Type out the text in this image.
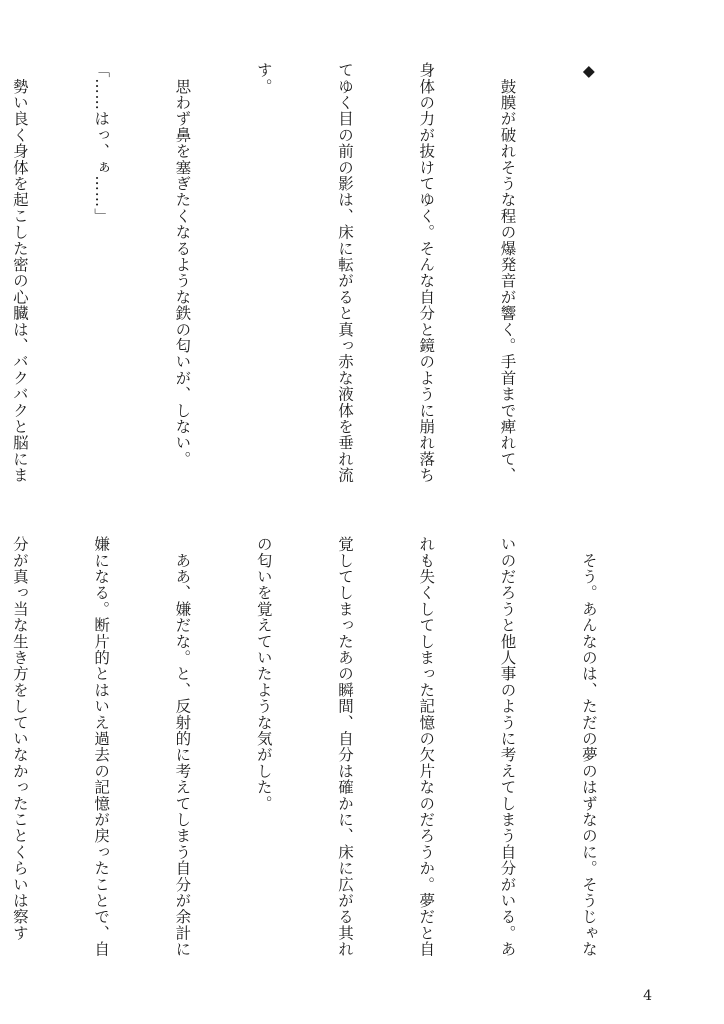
◆

　鼓膜が破れそうな程の爆発音が響く。手首まで痺れて、

身体の力が抜けてゆく。そんな自分と鏡のように崩れ落ち

てゆく目の前の影は、床に転がると真っ赤な液体を垂れ流

す。

　思わず鼻を塞ぎたくなるような鉄の匂いが、しない。

「……はっ、ぁ……」

　勢い良く身体を起こした密の心臓は、バクバクと脳にま

　そう。あんなのは、ただの夢のはずなのに。そうじゃな

いのだろうと他人事のように考えてしまう自分がいる。あ

れも失くしてしまった記憶の欠片なのだろうか。夢だと自

覚してしまったあの瞬間、自分は確かに、床に広がる其れ

の匂いを覚えていたような気がした。

　ああ、嫌だな。と、反射的に考えてしまう自分が余計に

嫌になる。断片的とはいえ過去の記憶が戻ったことで、自

分が真っ当な生き方をしていなかったことくらいは察す

4
